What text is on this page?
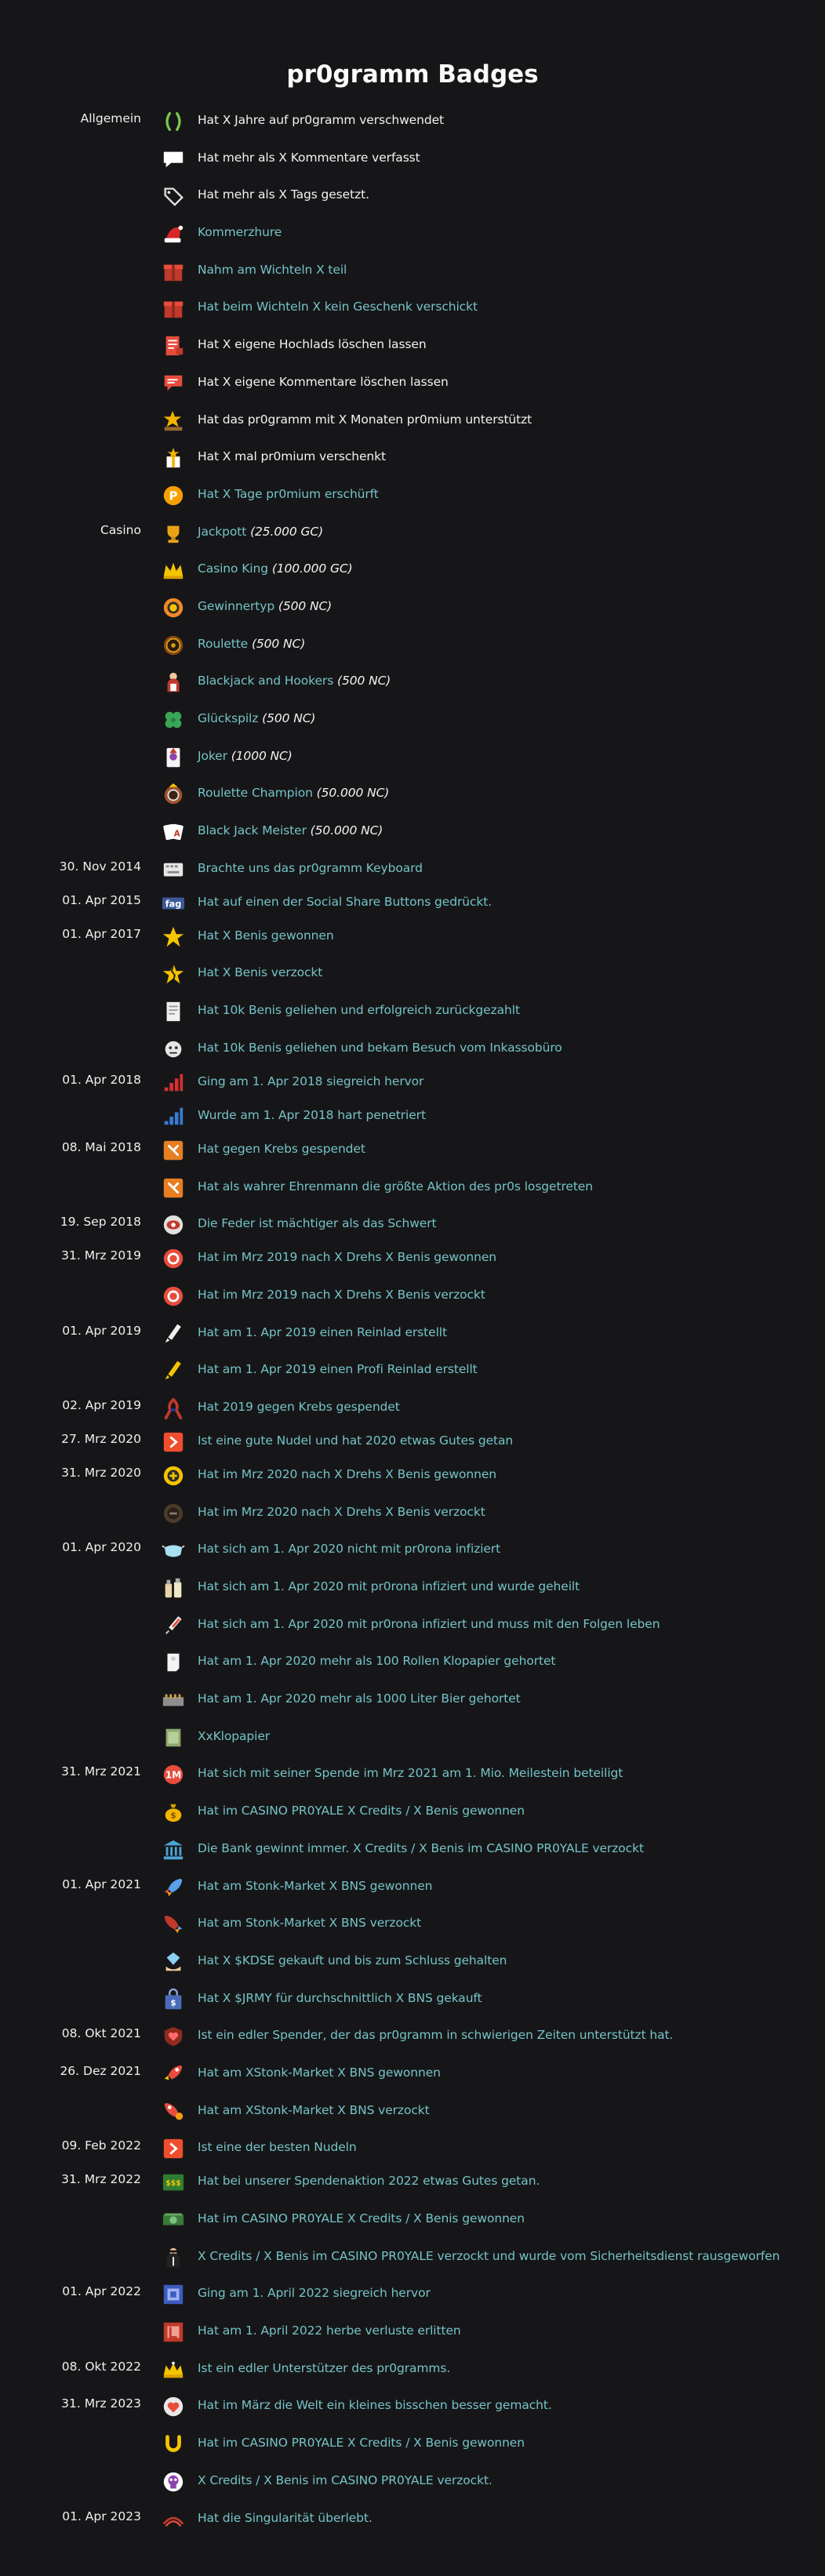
pr0gramm Badges
Allgemein	Hat X Jahre auf pr0gramm verschwendet
Hat mehr als X Kommentare verfasst
Hat mehr als X Tags gesetzt.
Kommerzhure
Nahm am Wichteln X teil
Hat beim Wichteln X kein Geschenk verschickt
Hat X eigene Hochlads löschen lassen
Hat X eigene Kommentare löschen lassen
Hat das pr0gramm mit X Monaten pr0mium unterstützt
Hat X mal pr0mium verschenkt
P Hat X Tage pr0mium erschürft
Casino	Jackpott (25.000 GC)
Casino King (100.000 GC)
Gewinnertyp (500 NC)
Roulette (500 NC)
Blackjack and Hookers (500 NC)
Glückspilz (500 NC)
Joker (1000 NC)
Roulette Champion (50.000 NC)
A Black Jack Meister (50.000 NC)
30. Nov 2014	Brachte uns das pr0gramm Keyboard
01. Apr 2015	fag Hat auf einen der Social Share Buttons gedrückt.
01. Apr 2017	Hat X Benis gewonnen
Hat X Benis verzockt
Hat 10k Benis geliehen und erfolgreich zurückgezahlt
Hat 10k Benis geliehen und bekam Besuch vom Inkassobüro
01. Apr 2018	Ging am 1. Apr 2018 siegreich hervor
Wurde am 1. Apr 2018 hart penetriert
08. Mai 2018	Hat gegen Krebs gespendet
Hat als wahrer Ehrenmann die größte Aktion des pr0s losgetreten
19. Sep 2018	Die Feder ist mächtiger als das Schwert
31. Mrz 2019	Hat im Mrz 2019 nach X Drehs X Benis gewonnen
Hat im Mrz 2019 nach X Drehs X Benis verzockt
01. Apr 2019	Hat am 1. Apr 2019 einen Reinlad erstellt
Hat am 1. Apr 2019 einen Profi Reinlad erstellt
02. Apr 2019	Hat 2019 gegen Krebs gespendet
27. Mrz 2020	Ist eine gute Nudel und hat 2020 etwas Gutes getan
31. Mrz 2020	Hat im Mrz 2020 nach X Drehs X Benis gewonnen
Hat im Mrz 2020 nach X Drehs X Benis verzockt
01. Apr 2020	Hat sich am 1. Apr 2020 nicht mit pr0rona infiziert
Hat sich am 1. Apr 2020 mit pr0rona infiziert und wurde geheilt
Hat sich am 1. Apr 2020 mit pr0rona infiziert und muss mit den Folgen leben
Hat am 1. Apr 2020 mehr als 100 Rollen Klopapier gehortet
Hat am 1. Apr 2020 mehr als 1000 Liter Bier gehortet
XxKlopapier
31. Mrz 2021 1M Hat sich mit seiner Spende im Mrz 2021 am 1. Mio. Meilestein beteiligt
$ Hat im CASINO PR0YALE X Credits / X Benis gewonnen
Die Bank gewinnt immer. X Credits / X Benis im CASINO PR0YALE verzockt
01. Apr 2021	Hat am Stonk-Market X BNS gewonnen
Hat am Stonk-Market X BNS verzockt
Hat X $KDSE gekauft und bis zum Schluss gehalten
$ Hat X $JRMY für durchschnittlich X BNS gekauft
08. Okt 2021	Ist ein edler Spender, der das pr0gramm in schwierigen Zeiten unterstützt hat.
26. Dez 2021	Hat am XStonk-Market X BNS gewonnen
Hat am XStonk-Market X BNS verzockt
09. Feb 2022	Ist eine der besten Nudeln
31. Mrz 2022	$$$ Hat bei unserer Spendenaktion 2022 etwas Gutes getan.
Hat im CASINO PR0YALE X Credits / X Benis gewonnen
X Credits / X Benis im CASINO PR0YALE verzockt und wurde vom Sicherheitsdienst rausgeworfen
01. Apr 2022	Ging am 1. April 2022 siegreich hervor
Hat am 1. April 2022 herbe verluste erlitten
08. Okt 2022	Ist ein edler Unterstützer des pr0gramms.
31. Mrz 2023	Hat im März die Welt ein kleines bisschen besser gemacht.
Hat im CASINO PR0YALE X Credits / X Benis gewonnen
X Credits / X Benis im CASINO PR0YALE verzockt.
01. Apr 2023	Hat die Singularität überlebt.
